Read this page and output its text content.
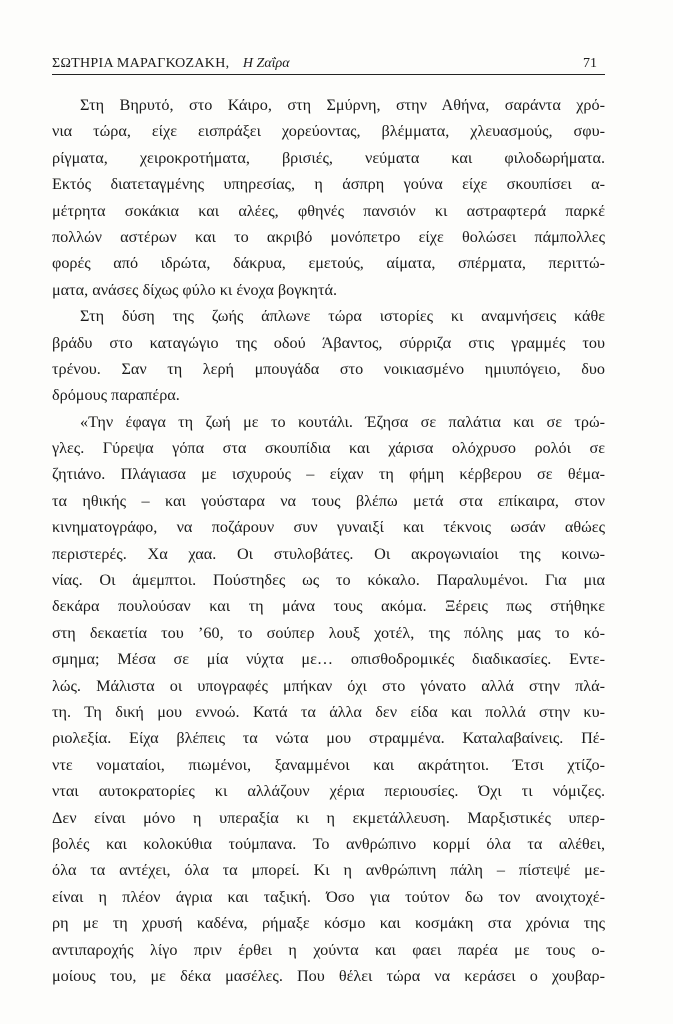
ΣΩΤΗΡΙΑ ΜΑΡΑΓΚΟΖΑΚΗ, Η Ζαΐρα	71
Στη Βηρυτό, στο Κάιρο, στη Σμύρνη, στην Αθήνα, σαράντα χρό-
νια τώρα, είχε εισπράξει χορεύοντας, βλέμματα, χλευασμούς, σφυ-
ρίγματα, χειροκροτήματα, βρισιές, νεύματα και φιλοδωρήματα.
Εκτός διατεταγμένης υπηρεσίας, η άσπρη γούνα είχε σκουπίσει α-
μέτρητα σοκάκια και αλέες, φθηνές πανσιόν κι αστραφτερά παρκέ
πολλών αστέρων και το ακριβό μονόπετρο είχε θολώσει πάμπολλες
φορές από ιδρώτα, δάκρυα, εμετούς, αίματα, σπέρματα, περιττώ-
ματα, ανάσες δίχως φύλο κι ένοχα βογκητά.
Στη δύση της ζωής άπλωνε τώρα ιστορίες κι αναμνήσεις κάθε
βράδυ στο καταγώγιο της οδού Άβαντος, σύρριζα στις γραμμές του
τρένου. Σαν τη λερή μπουγάδα στο νοικιασμένο ημιυπόγειο, δυο
δρόμους παραπέρα.
«Την έφαγα τη ζωή με το κουτάλι. Έζησα σε παλάτια και σε τρώ-
γλες. Γύρεψα γόπα στα σκουπίδια και χάρισα ολόχρυσο ρολόι σε
ζητιάνο. Πλάγιασα με ισχυρούς – είχαν τη φήμη κέρβερου σε θέμα-
τα ηθικής – και γούσταρα να τους βλέπω μετά στα επίκαιρα, στον
κινηματογράφο, να ποζάρουν συν γυναιξί και τέκνοις ωσάν αθώες
περιστερές. Χα χαα. Οι στυλοβάτες. Οι ακρογωνιαίοι της κοινω-
νίας. Οι άμεμπτοι. Πούστηδες ως το κόκαλο. Παραλυμένοι. Για μια
δεκάρα πουλούσαν και τη μάνα τους ακόμα. Ξέρεις πως στήθηκε
στη δεκαετία του ’60, το σούπερ λουξ χοτέλ, της πόλης μας το κό-
σμημα; Μέσα σε μία νύχτα με… οπισθοδρομικές διαδικασίες. Εντε-
λώς. Μάλιστα οι υπογραφές μπήκαν όχι στο γόνατο αλλά στην πλά-
τη. Τη δική μου εννοώ. Κατά τα άλλα δεν είδα και πολλά στην κυ-
ριολεξία. Είχα βλέπεις τα νώτα μου στραμμένα. Καταλαβαίνεις. Πέ-
ντε νοματαίοι, πιωμένοι, ξαναμμένοι και ακράτητοι. Έτσι χτίζο-
νται αυτοκρατορίες κι αλλάζουν χέρια περιουσίες. Όχι τι νόμιζες.
Δεν είναι μόνο η υπεραξία κι η εκμετάλλευση. Μαρξιστικές υπερ-
βολές και κολοκύθια τούμπανα. Το ανθρώπινο κορμί όλα τα αλέθει,
όλα τα αντέχει, όλα τα μπορεί. Κι η ανθρώπινη πάλη – πίστεψέ με-
είναι η πλέον άγρια και ταξική. Όσο για τούτον δω τον ανοιχτοχέ-
ρη με τη χρυσή καδένα, ρήμαξε κόσμο και κοσμάκη στα χρόνια της
αντιπαροχής λίγο πριν έρθει η χούντα και φαει παρέα με τους ο-
μοίους του, με δέκα μασέλες. Που θέλει τώρα να κεράσει ο χουβαρ-
